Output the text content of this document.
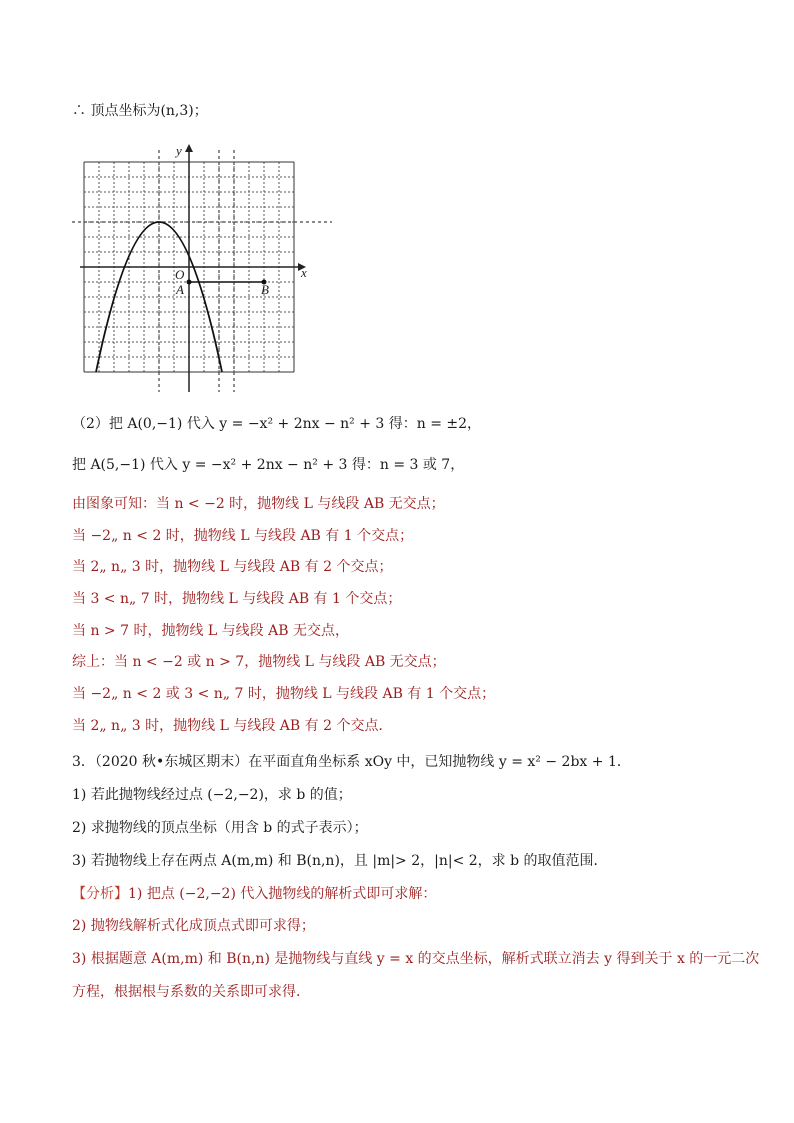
∴ 顶点坐标为(n,3)；
x
y
O
A	B
（2）把 A(0,−1) 代入 y = −x² + 2nx − n² + 3 得：n = ±2，
把 A(5,−1) 代入 y = −x² + 2nx − n² + 3 得：n = 3 或 7，
由图象可知：当 n < −2 时，抛物线 L 与线段 AB 无交点；
当 −2„ n < 2 时，抛物线 L 与线段 AB 有 1 个交点；
当 2„ n„ 3 时，抛物线 L 与线段 AB 有 2 个交点；
当 3 < n„ 7 时，抛物线 L 与线段 AB 有 1 个交点；
当 n > 7 时，抛物线 L 与线段 AB 无交点，
综上：当 n < −2 或 n > 7，抛物线 L 与线段 AB 无交点；
当 −2„ n < 2 或 3 < n„ 7 时，抛物线 L 与线段 AB 有 1 个交点；
当 2„ n„ 3 时，抛物线 L 与线段 AB 有 2 个交点．
3．（2020 秋•东城区期末）在平面直角坐标系 xOy 中，已知抛物线 y = x² − 2bx + 1．
1) 若此抛物线经过点 (−2,−2)，求 b 的值；
2) 求抛物线的顶点坐标（用含 b 的式子表示）；
3) 若抛物线上存在两点 A(m,m) 和 B(n,n)，且 |m|> 2，|n|< 2，求 b 的取值范围．
【分析】1) 把点 (−2,−2) 代入抛物线的解析式即可求解：
2) 抛物线解析式化成顶点式即可求得；
3) 根据题意 A(m,m) 和 B(n,n) 是抛物线与直线 y = x 的交点坐标，解析式联立消去 y 得到关于 x 的一元二次
方程，根据根与系数的关系即可求得．
